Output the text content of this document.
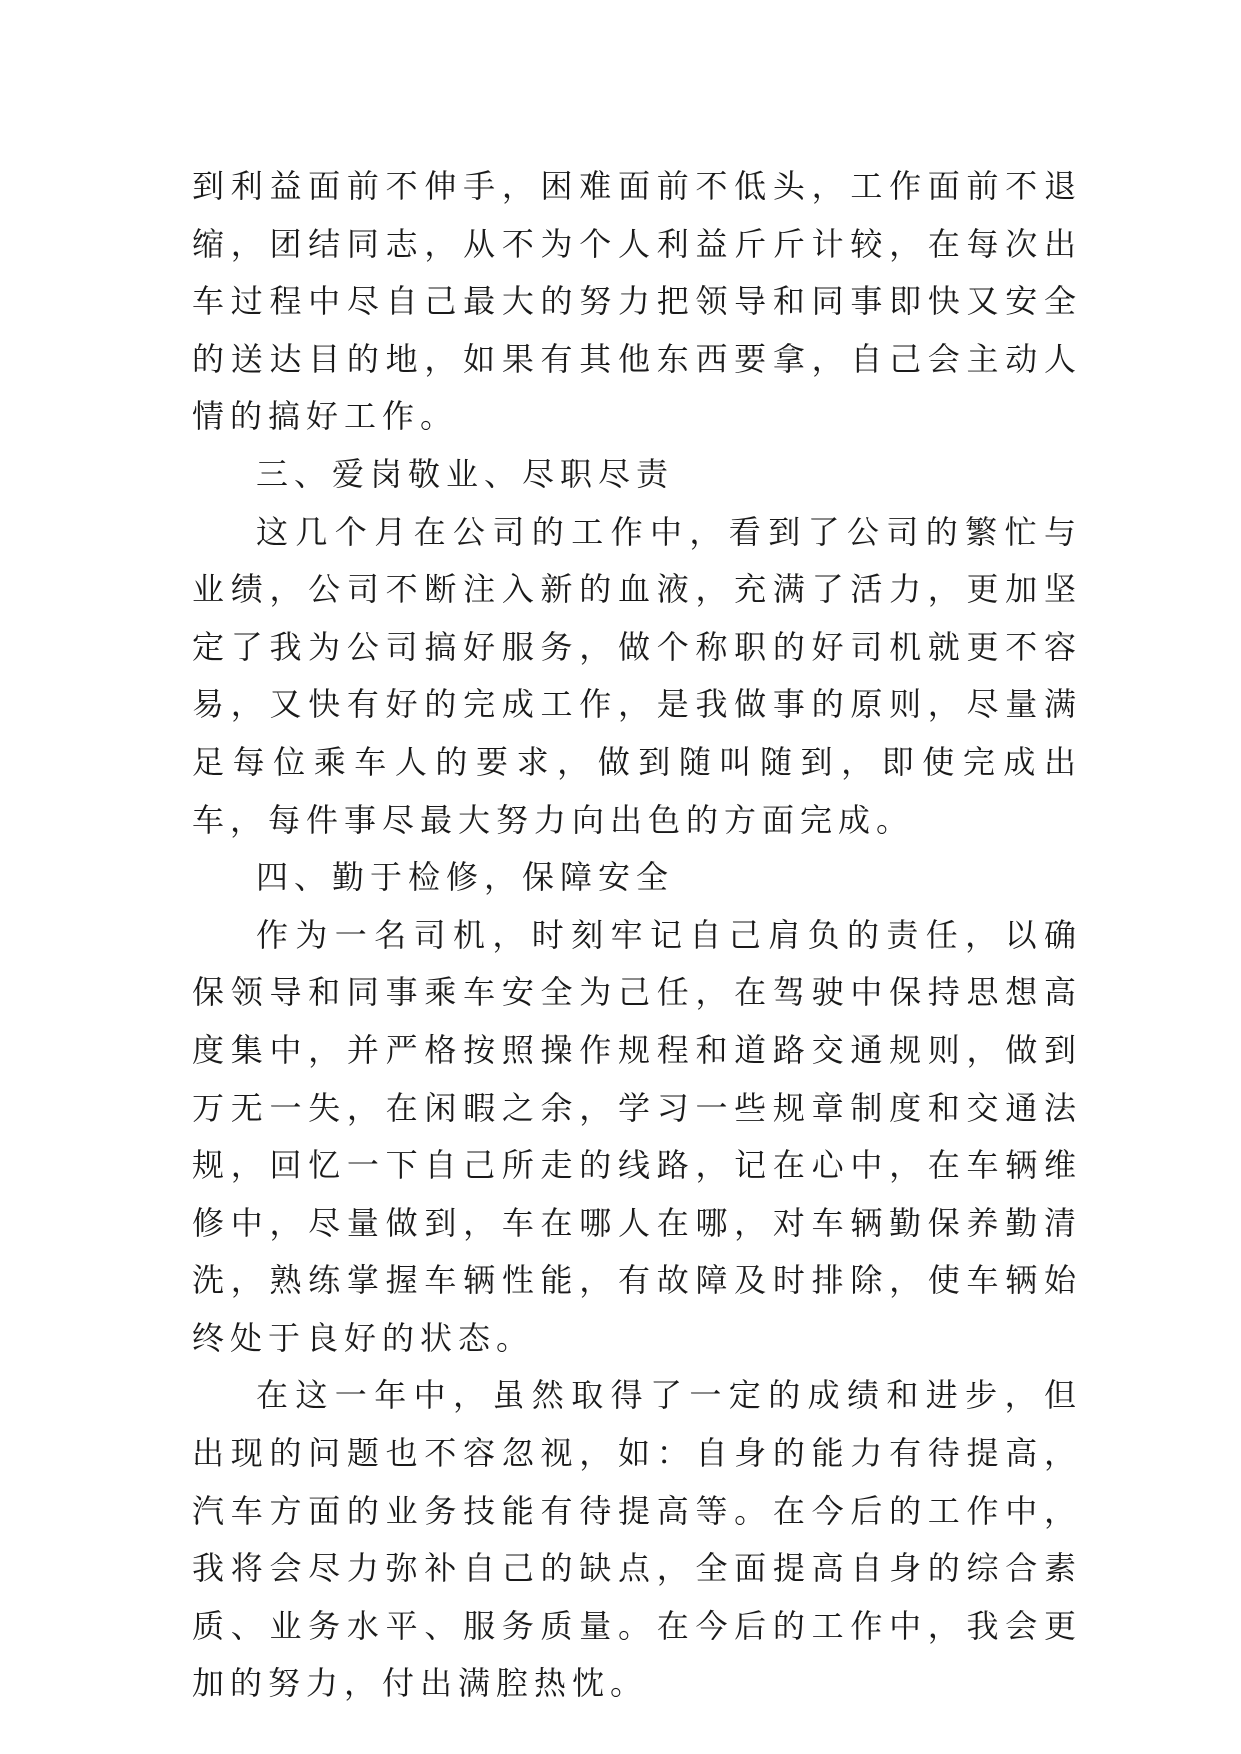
到利益面前不伸手，困难面前不低头，工作面前不退缩，团结同志，从不为个人利益斤斤计较，在每次出车过程中尽自己最大的努力把领导和同事即快又安全的送达目的地，如果有其他东西要拿，自己会主动人情的搞好工作。

三、爱岗敬业、尽职尽责

这几个月在公司的工作中，看到了公司的繁忙与业绩，公司不断注入新的血液，充满了活力，更加坚定了我为公司搞好服务，做个称职的好司机就更不容易，又快有好的完成工作，是我做事的原则，尽量满足每位乘车人的要求，做到随叫随到，即使完成出车，每件事尽最大努力向出色的方面完成。

四、勤于检修，保障安全

作为一名司机，时刻牢记自己肩负的责任，以确保领导和同事乘车安全为己任，在驾驶中保持思想高度集中，并严格按照操作规程和道路交通规则，做到万无一失，在闲暇之余，学习一些规章制度和交通法规，回忆一下自己所走的线路，记在心中，在车辆维修中，尽量做到，车在哪人在哪，对车辆勤保养勤清洗，熟练掌握车辆性能，有故障及时排除，使车辆始终处于良好的状态。

在这一年中，虽然取得了一定的成绩和进步，但出现的问题也不容忽视，如：自身的能力有待提高，汽车方面的业务技能有待提高等。在今后的工作中，我将会尽力弥补自己的缺点，全面提高自身的综合素质、业务水平、服务质量。在今后的工作中，我会更加的努力，付出满腔热忱。
